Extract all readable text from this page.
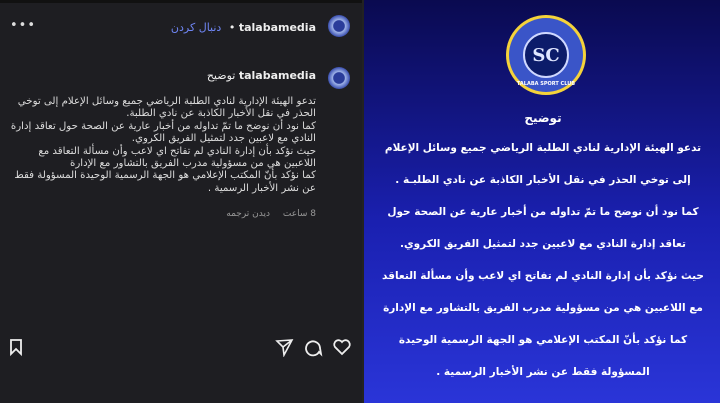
talabamedia • دنبال کردن
•••
talabamedia توضيح
تدعو الهيئة الإدارية لنادي الطلبة الرياضي جميع وسائل الإعلام إلى توخي الحذر في نقل الأخبار الكاذبة عن نادي الطلبة.
كما نود أن نوضح ما تمّ تداوله من أخبار عارية عن الصحة حول تعاقد إدارة النادي مع لاعبين جدد لتمثيل الفريق الكروي.
حيث نؤكد بأن إدارة النادي لم تفاتح اي لاعب وأن مسألة التعاقد مع اللاعبين هي من مسؤولية مدرب الفريق بالتشاور مع الإدارة
كما نؤكد بأنّ المكتب الإعلامي هو الجهة الرسمية الوحيدة المسؤولة فقط عن نشر الأخبار الرسمية .
8 ساعت ديدن ترجمه
SC
TALABA SPORT CLUB
توضيح
تدعو الهيئة الإدارية لنادي الطلبة الرياضي جميع وسائل الإعلام
إلى توخي الحذر في نقل الأخبار الكاذبة عن نادي الطلبـة .
كما نود أن نوضح ما تمّ تداوله من أخبار عارية عن الصحة حول
تعاقد إدارة النادي مع لاعبين جدد لتمثيل الفريق الكروي.
حيث نؤكد بأن إدارة النادي لم تفاتح اي لاعب وأن مسألة التعاقد
مع اللاعبين هي من مسؤولية مدرب الفريق بالتشاور مع الإدارة
كما نؤكد بأنّ المكتب الإعلامي هو الجهة الرسمية الوحيدة
المسؤولة فقط عن نشر الأخبار الرسمية .
